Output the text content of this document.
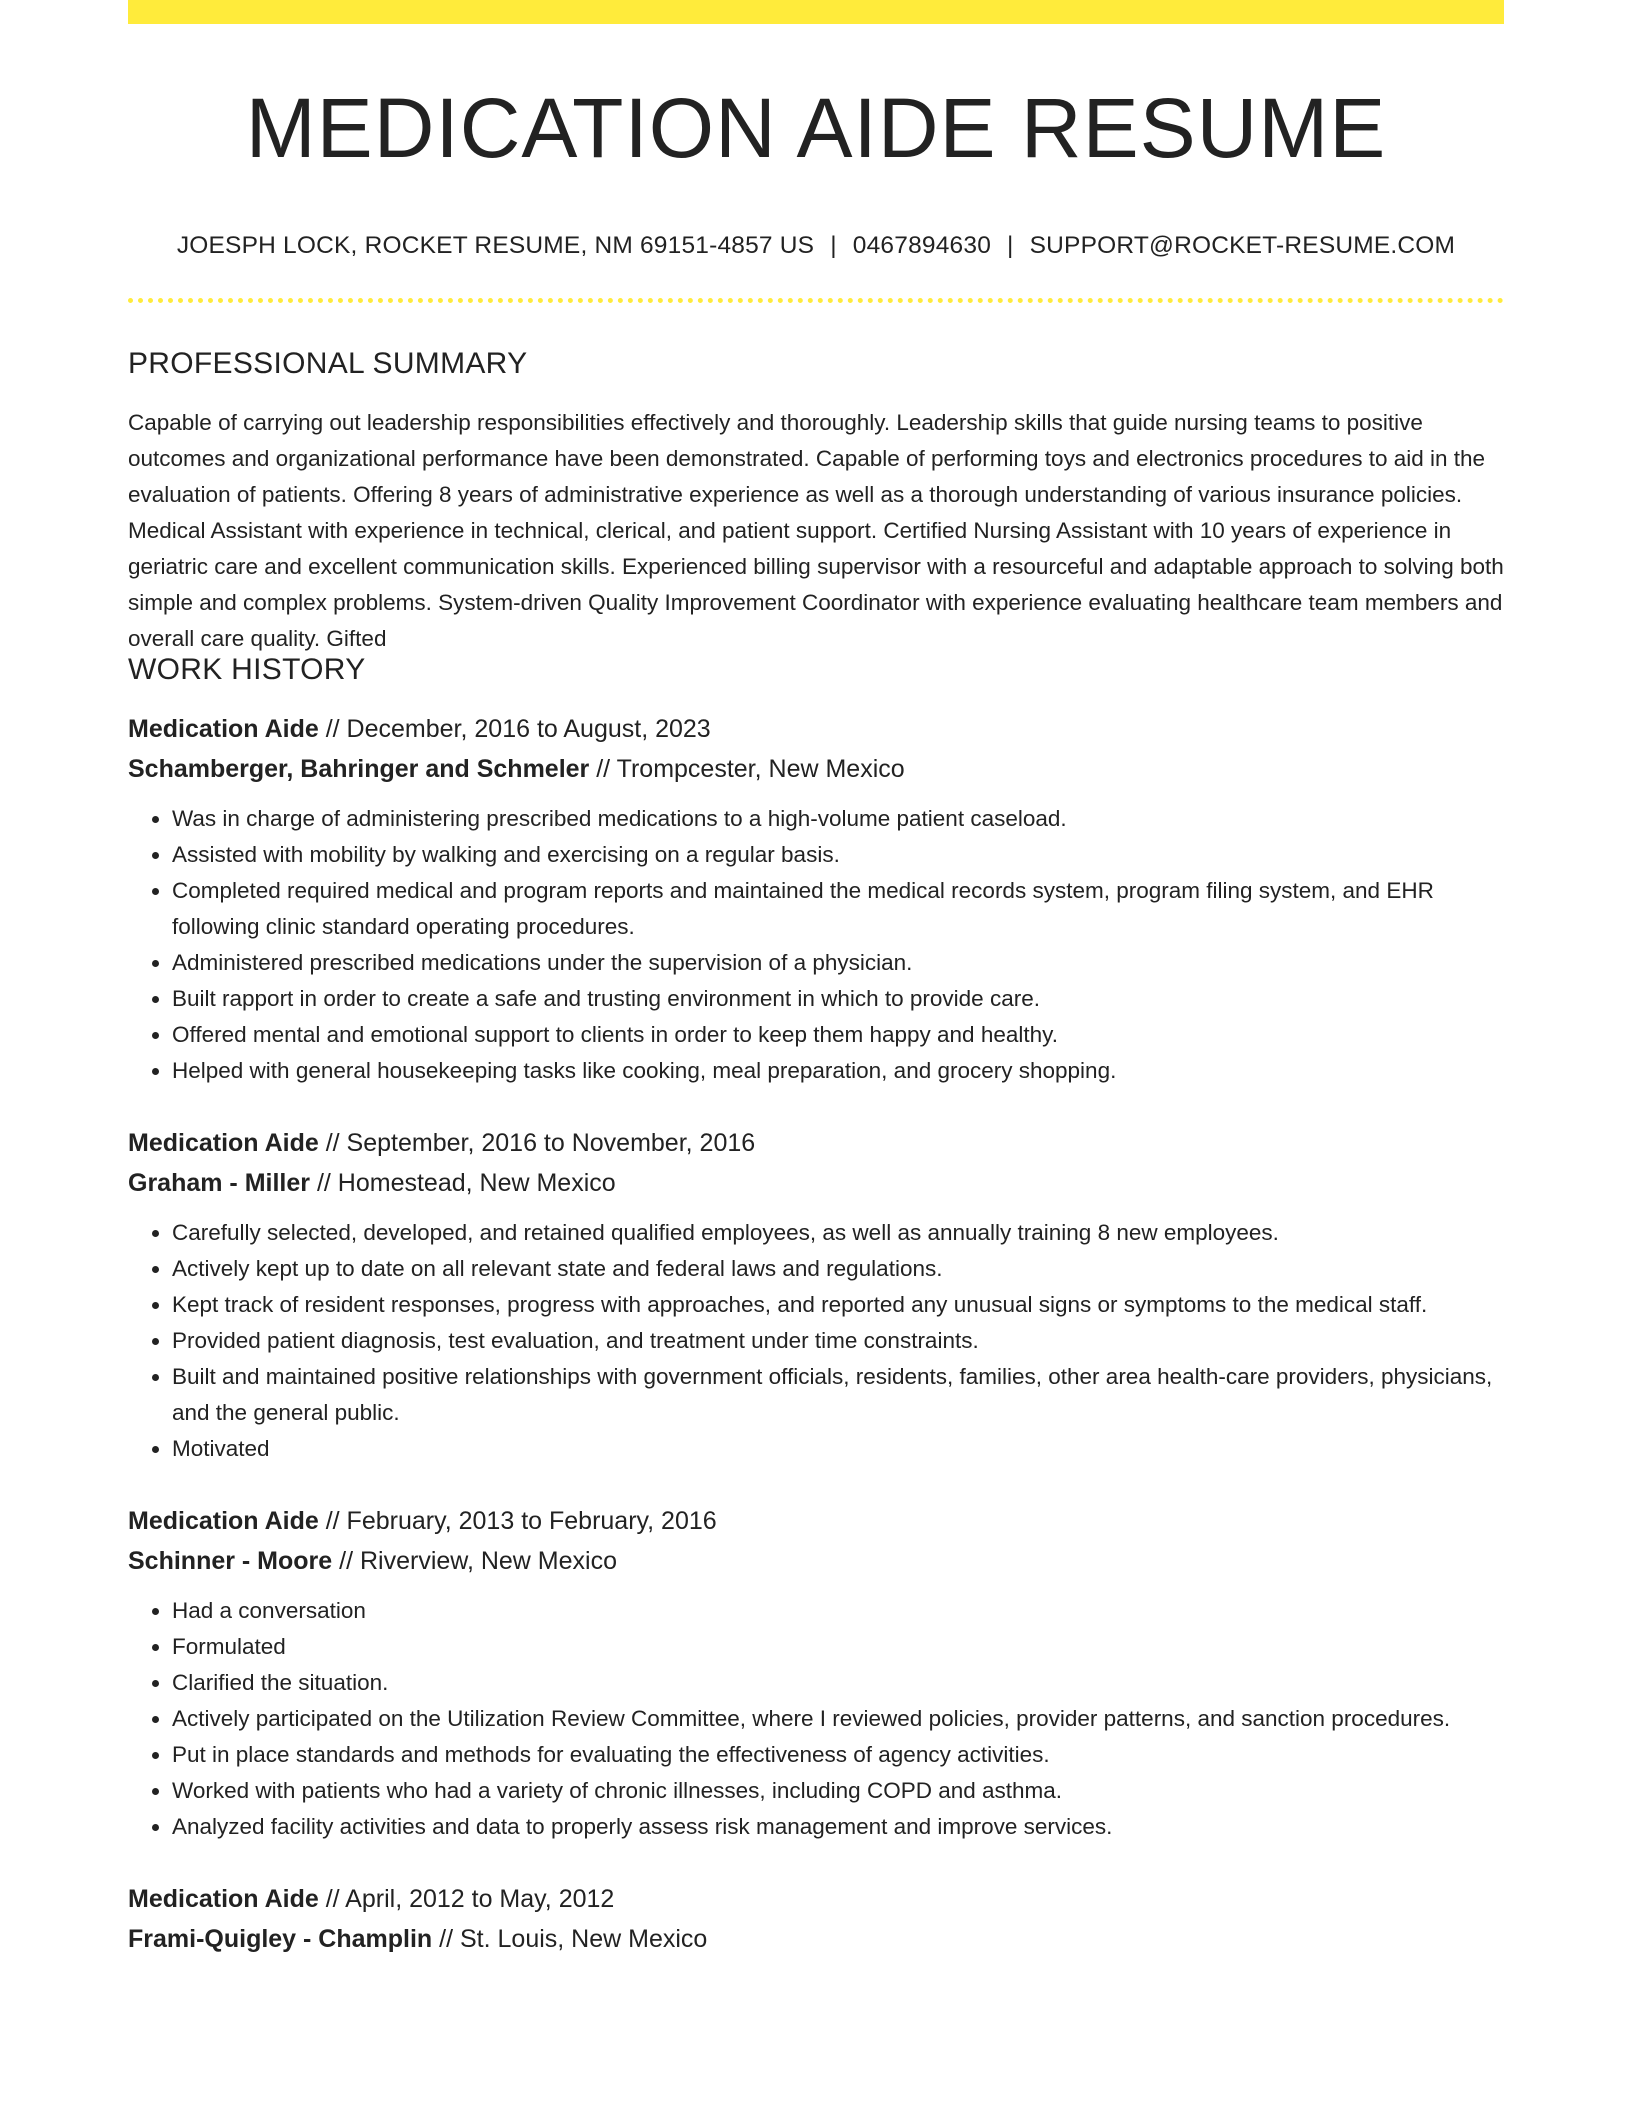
MEDICATION AIDE RESUME
JOESPH LOCK, ROCKET RESUME, NM 69151-4857 US | 0467894630 | SUPPORT@ROCKET-RESUME.COM
PROFESSIONAL SUMMARY

Capable of carrying out leadership responsibilities effectively and thoroughly. Leadership skills that guide nursing teams to positive outcomes and organizational performance have been demonstrated. Capable of performing toys and electronics procedures to aid in the evaluation of patients. Offering 8 years of administrative experience as well as a thorough understanding of various insurance policies. Medical Assistant with experience in technical, clerical, and patient support. Certified Nursing Assistant with 10 years of experience in geriatric care and excellent communication skills. Experienced billing supervisor with a resourceful and adaptable approach to solving both simple and complex problems. System-driven Quality Improvement Coordinator with experience evaluating healthcare team members and overall care quality. Gifted

WORK HISTORY
Medication Aide // December, 2016 to August, 2023
Schamberger, Bahringer and Schmeler // Trompcester, New Mexico
• Was in charge of administering prescribed medications to a high-volume patient caseload.
• Assisted with mobility by walking and exercising on a regular basis.
• Completed required medical and program reports and maintained the medical records system, program filing system, and EHR following clinic standard operating procedures.
• Administered prescribed medications under the supervision of a physician.
• Built rapport in order to create a safe and trusting environment in which to provide care.
• Offered mental and emotional support to clients in order to keep them happy and healthy.
• Helped with general housekeeping tasks like cooking, meal preparation, and grocery shopping.
Medication Aide // September, 2016 to November, 2016
Graham - Miller // Homestead, New Mexico
• Carefully selected, developed, and retained qualified employees, as well as annually training 8 new employees.
• Actively kept up to date on all relevant state and federal laws and regulations.
• Kept track of resident responses, progress with approaches, and reported any unusual signs or symptoms to the medical staff.
• Provided patient diagnosis, test evaluation, and treatment under time constraints.
• Built and maintained positive relationships with government officials, residents, families, other area health-care providers, physicians, and the general public.
• Motivated
Medication Aide // February, 2013 to February, 2016
Schinner - Moore // Riverview, New Mexico
• Had a conversation
• Formulated
• Clarified the situation.
• Actively participated on the Utilization Review Committee, where I reviewed policies, provider patterns, and sanction procedures.
• Put in place standards and methods for evaluating the effectiveness of agency activities.
• Worked with patients who had a variety of chronic illnesses, including COPD and asthma.
• Analyzed facility activities and data to properly assess risk management and improve services.
Medication Aide // April, 2012 to May, 2012
Frami-Quigley - Champlin // St. Louis, New Mexico
